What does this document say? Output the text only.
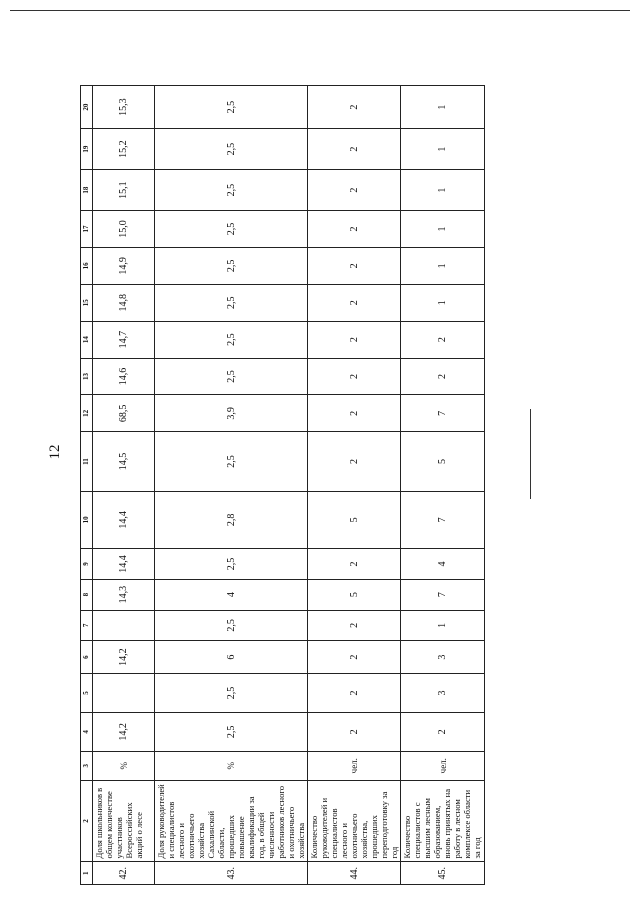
12
1	2	3	4	5	6	7	8	9	10	11	12	13	14	15	16	17	18	19	20
42.	Доля школьников в общем количестве участников Всероссийских акций о лесе	%	14,2		14,2		14,3	14,4	14,4	14,5	68,5	14,6	14,7	14,8	14,9	15,0	15,1	15,2	15,3
43.	Доля руководителей и специалистов лесного и охотничьего хозяйства Сахалинской области, прошедших повышение квалификации за год, в общей численности работников лесного и охотничьего хозяйства	%	2,5	2,5	6	2,5	4	2,5	2,8	2,5	3,9	2,5	2,5	2,5	2,5	2,5	2,5	2,5	2,5
44.	Количество руководителей и специалистов лесного и охотничьего хозяйства, прошедших переподготовку за год	чел.	2	2	2	2	5	2	5	2	2	2	2	2	2	2	2	2	2
45.	Количество специалистов с высшим лесным образованием, вновь принятых на работу в лесном комплексе области за год	чел.	2	3	3	1	7	4	7	5	7	2	2	1	1	1	1	1	1
